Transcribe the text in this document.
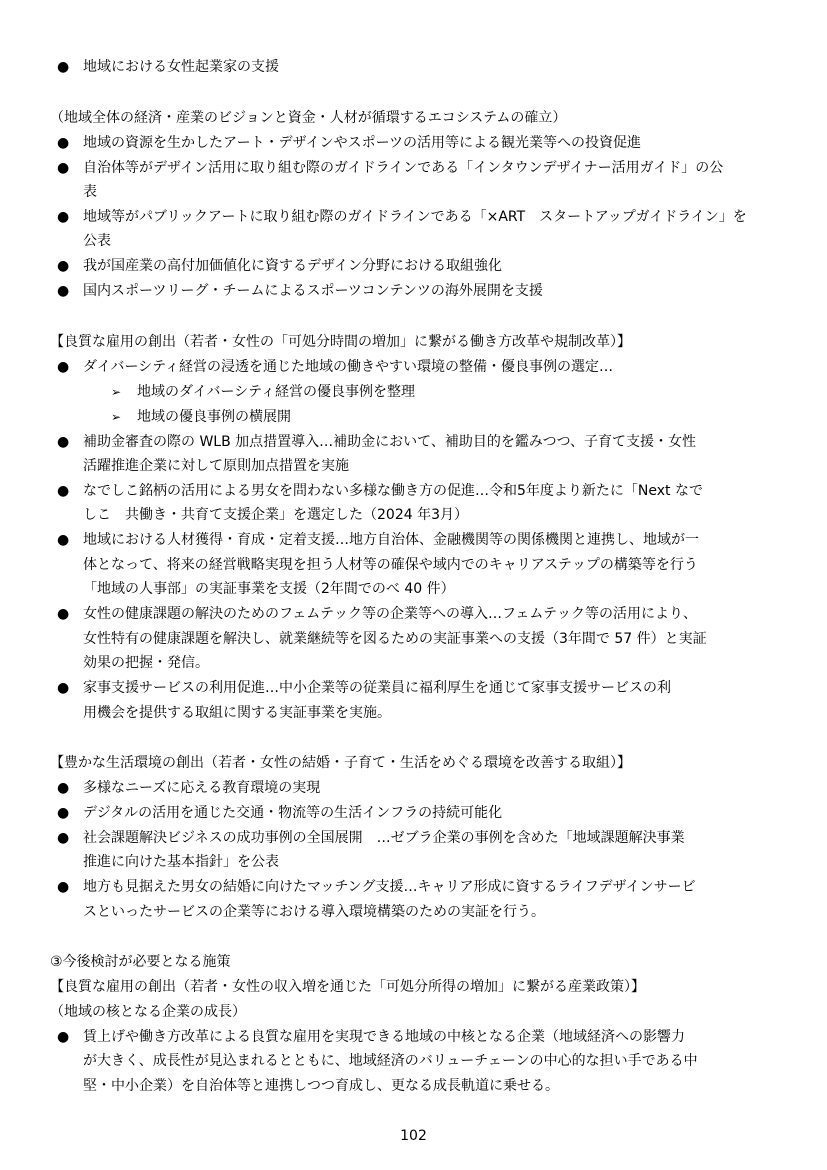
● 地域における女性起業家の支援
（地域全体の経済・産業のビジョンと資金・人材が循環するエコシステムの確立）
● 地域の資源を生かしたアート・デザインやスポーツの活用等による観光業等への投資促進
● 自治体等がデザイン活用に取り組む際のガイドラインである「インタウンデザイナー活用ガイド」の公
表
● 地域等がパブリックアートに取り組む際のガイドラインである「×ART　スタートアップガイドライン」を
公表
● 我が国産業の高付加価値化に資するデザイン分野における取組強化
● 国内スポーツリーグ・チームによるスポーツコンテンツの海外展開を支援
【良質な雇用の創出（若者・女性の「可処分時間の増加」に繋がる働き方改革や規制改革）】
● ダイバーシティ経営の浸透を通じた地域の働きやすい環境の整備・優良事例の選定…
➢	地域のダイバーシティ経営の優良事例を整理
➢	地域の優良事例の横展開
● 補助金審査の際の WLB 加点措置導入…補助金において、補助目的を鑑みつつ、子育て支援・女性
活躍推進企業に対して原則加点措置を実施
● なでしこ銘柄の活用による男女を問わない多様な働き方の促進…令和5年度より新たに「Next なで
しこ　共働き・共育て支援企業」を選定した（2024 年3月）
● 地域における人材獲得・育成・定着支援…地方自治体、金融機関等の関係機関と連携し、地域が一
体となって、将来の経営戦略実現を担う人材等の確保や域内でのキャリアステップの構築等を行う
「地域の人事部」の実証事業を支援（2年間でのべ 40 件）
● 女性の健康課題の解決のためのフェムテック等の企業等への導入…フェムテック等の活用により、
女性特有の健康課題を解決し、就業継続等を図るための実証事業への支援（3年間で 57 件）と実証
効果の把握・発信。
● 家事支援サービスの利用促進…中小企業等の従業員に福利厚生を通じて家事支援サービスの利
用機会を提供する取組に関する実証事業を実施。
【豊かな生活環境の創出（若者・女性の結婚・子育て・生活をめぐる環境を改善する取組）】
● 多様なニーズに応える教育環境の実現
● デジタルの活用を通じた交通・物流等の生活インフラの持続可能化
● 社会課題解決ビジネスの成功事例の全国展開　…ゼブラ企業の事例を含めた「地域課題解決事業
推進に向けた基本指針」を公表
● 地方も見据えた男女の結婚に向けたマッチング支援…キャリア形成に資するライフデザインサービ
スといったサービスの企業等における導入環境構築のための実証を行う。
③今後検討が必要となる施策
【良質な雇用の創出（若者・女性の収入増を通じた「可処分所得の増加」に繋がる産業政策）】
（地域の核となる企業の成長）
● 賃上げや働き方改革による良質な雇用を実現できる地域の中核となる企業（地域経済への影響力
が大きく、成長性が見込まれるとともに、地域経済のバリューチェーンの中心的な担い手である中
堅・中小企業）を自治体等と連携しつつ育成し、更なる成長軌道に乗せる。
102
